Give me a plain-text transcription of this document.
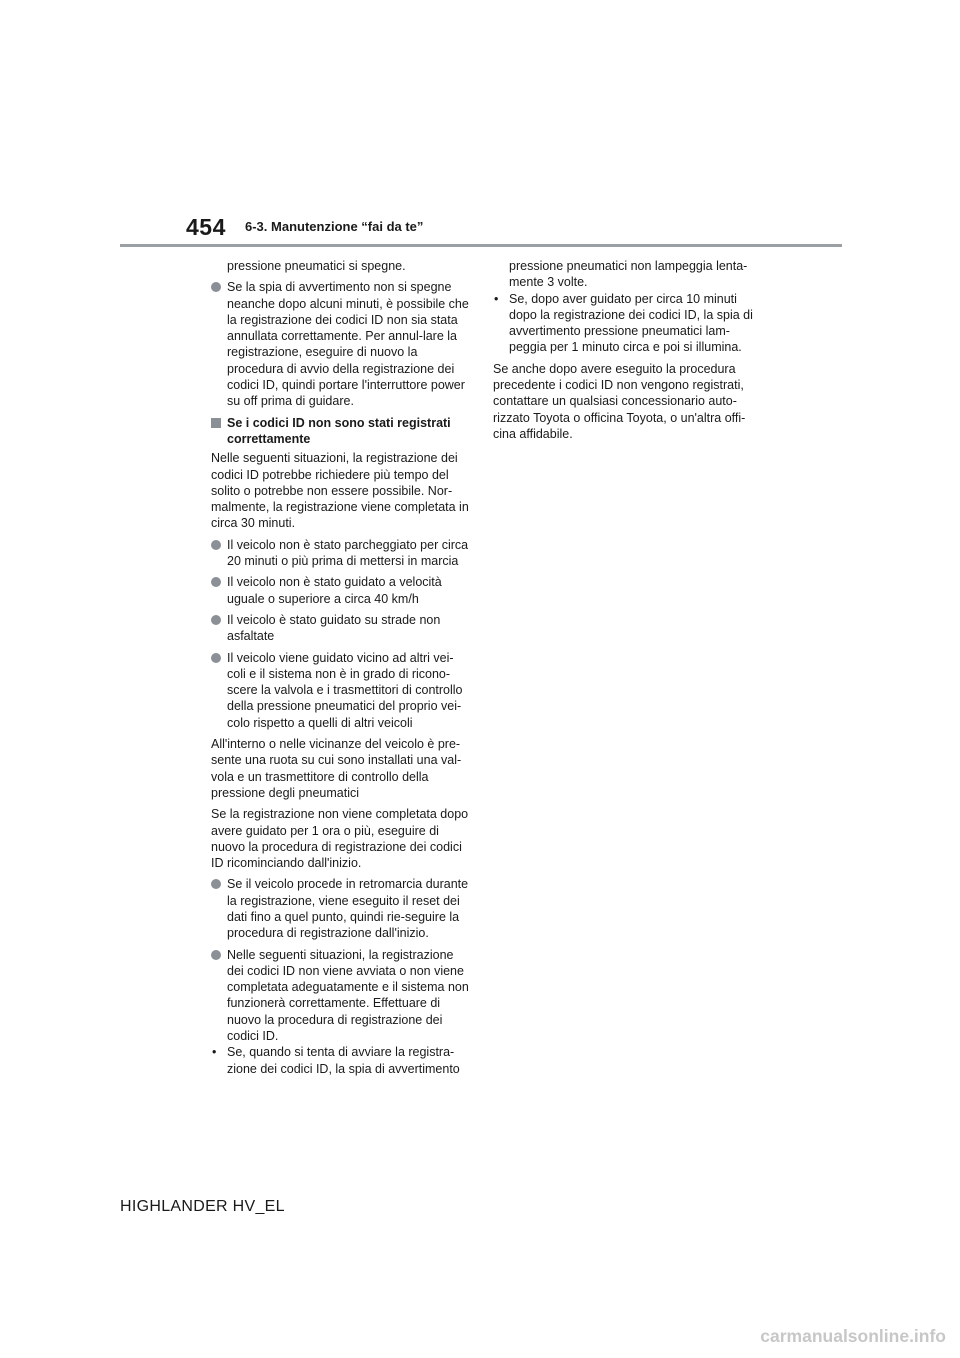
454 6-3. Manutenzione “fai da te”

pressione pneumatici si spegne.

Se la spia di avvertimento non si spegne neanche dopo alcuni minuti, è possibile che la registrazione dei codici ID non sia stata annullata correttamente. Per annul-lare la registrazione, eseguire di nuovo la procedura di avvio della registrazione dei codici ID, quindi portare l'interruttore power su off prima di guidare.
Se i codici ID non sono stati registrati correttamente

Nelle seguenti situazioni, la registrazione dei codici ID potrebbe richiedere più tempo del solito o potrebbe non essere possibile. Nor-malmente, la registrazione viene completata in circa 30 minuti.

Il veicolo non è stato parcheggiato per circa 20 minuti o più prima di mettersi in marcia
Il veicolo non è stato guidato a velocità uguale o superiore a circa 40 km/h
Il veicolo è stato guidato su strade non asfaltate
Il veicolo viene guidato vicino ad altri vei-coli e il sistema non è in grado di ricono-scere la valvola e i trasmettitori di controllo della pressione pneumatici del proprio vei-colo rispetto a quelli di altri veicoli

All'interno o nelle vicinanze del veicolo è pre-sente una ruota su cui sono installati una val-vola e un trasmettitore di controllo della pressione degli pneumatici

Se la registrazione non viene completata dopo avere guidato per 1 ora o più, eseguire di nuovo la procedura di registrazione dei codici ID ricominciando dall'inizio.

Se il veicolo procede in retromarcia durante la registrazione, viene eseguito il reset dei dati fino a quel punto, quindi rie-seguire la procedura di registrazione dall'inizio.
Nelle seguenti situazioni, la registrazione dei codici ID non viene avviata o non viene completata adeguatamente e il sistema non funzionerà correttamente. Effettuare di nuovo la procedura di registrazione dei codici ID.
• Se, quando si tenta di avviare la registra-zione dei codici ID, la spia di avvertimento

pressione pneumatici non lampeggia lenta-mente 3 volte.

• Se, dopo aver guidato per circa 10 minuti dopo la registrazione dei codici ID, la spia di avvertimento pressione pneumatici lam-peggia per 1 minuto circa e poi si illumina.

Se anche dopo avere eseguito la procedura precedente i codici ID non vengono registrati, contattare un qualsiasi concessionario auto-rizzato Toyota o officina Toyota, o un'altra offi-cina affidabile.

HIGHLANDER HV_EL
carmanualsonline.info
